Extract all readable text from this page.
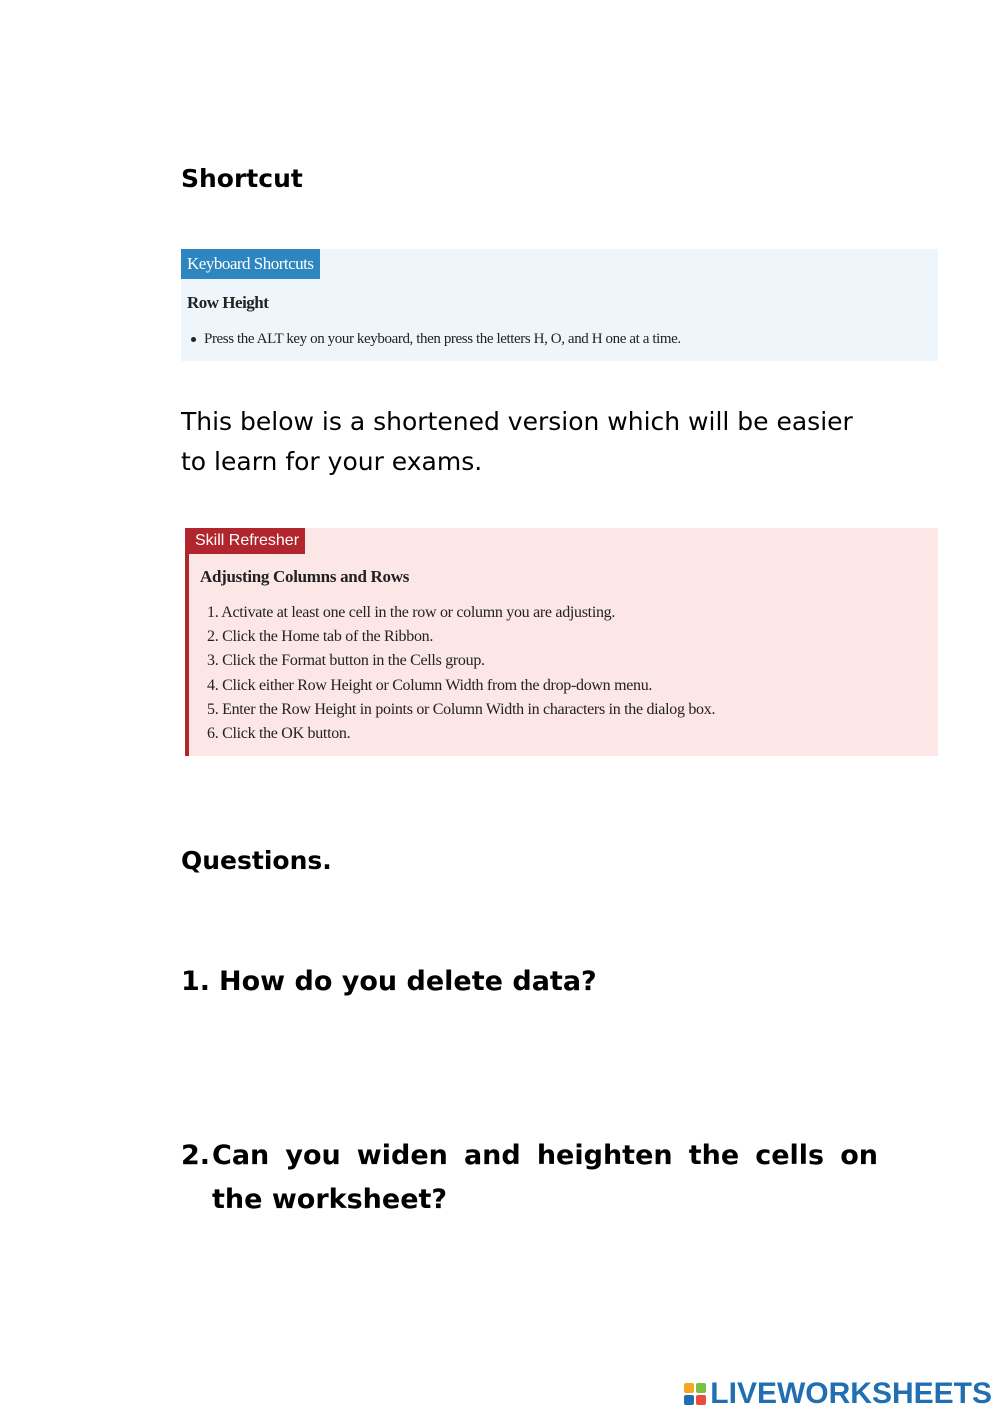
Shortcut
Keyboard Shortcuts
Row Height
Press the ALT key on your keyboard, then press the letters H, O, and H one at a time.
This below is a shortened version which will be easier to learn for your exams.
Skill Refresher
Adjusting Columns and Rows
1. Activate at least one cell in the row or column you are adjusting.
2. Click the Home tab of the Ribbon.
3. Click the Format button in the Cells group.
4. Click either Row Height or Column Width from the drop-down menu.
5. Enter the Row Height in points or Column Width in characters in the dialog box.
6. Click the OK button.
Questions.
1. How do you delete data?
2. Can you widen and heighten the cells on the worksheet?
LIVEWORKSHEETS
